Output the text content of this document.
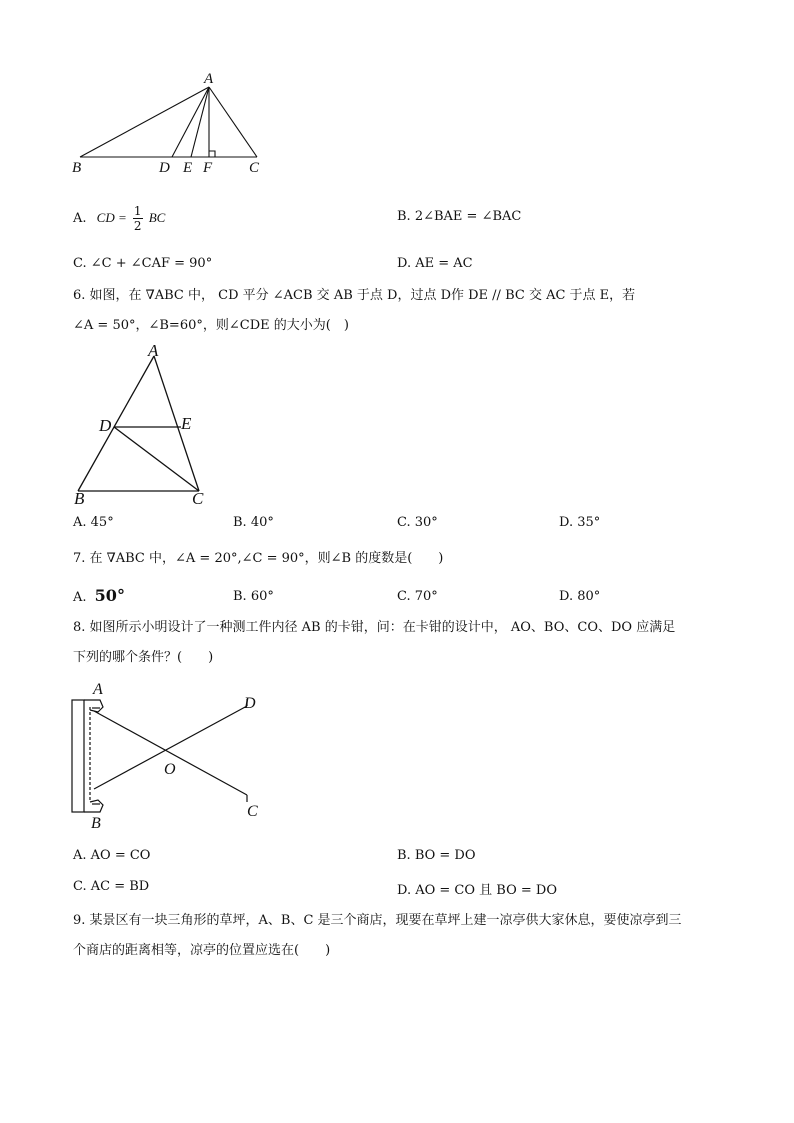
A
B	D E F C
A. CD = $\frac{1}{2}$ BC	B. 2∠BAE = ∠BAC
C. ∠C + ∠CAF = 90°	D. AE = AC
6. 如图，在 ∇ABC 中， CD 平分 ∠ACB 交 AB 于点 D，过点 D作 DE // BC 交 AC 于点 E，若
∠A = 50°，∠B=60°，则∠CDE 的大小为(　)
A
D	E
B	C
A. 45°	B. 40°	C. 30°	D. 35°
7. 在 ∇ABC 中，∠A = 20°,∠C = 90°，则∠B 的度数是(　　)
A. 50°	B. 60°	C. 70°	D. 80°
8. 如图所示小明设计了一种测工件内径 AB 的卡钳，问：在卡钳的设计中， AO、BO、CO、DO 应满足
下列的哪个条件？(　　)
A
D
O
B
C
A. AO = CO	B. BO = DO
C. AC = BD	D. AO = CO 且 BO = DO
9. 某景区有一块三角形的草坪，A、B、C 是三个商店，现要在草坪上建一凉亭供大家休息，要使凉亭到三
个商店的距离相等，凉亭的位置应选在(　　)
